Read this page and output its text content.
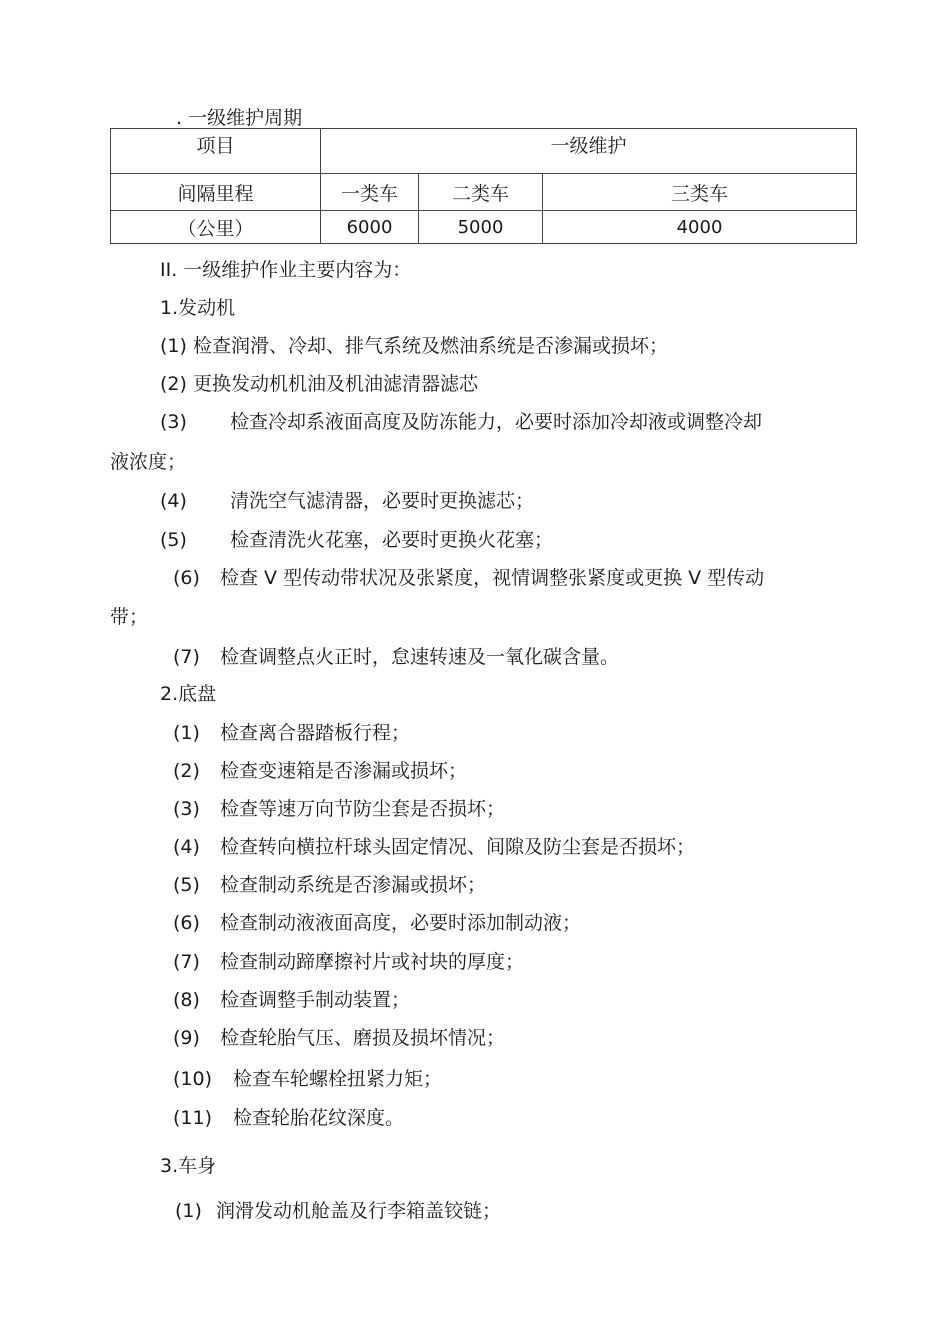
. 一级维护周期
项目	一级维护		
间隔里程	一类车	二类车	三类车
（公里）	6000	5000	4000
II. 一级维护作业主要内容为：
1.发动机
(1) 检查润滑、冷却、排气系统及燃油系统是否渗漏或损坏；
(2) 更换发动机机油及机油滤清器滤芯
(3) 检查冷却系液面高度及防冻能力，必要时添加冷却液或调整冷却
液浓度；
(4) 清洗空气滤清器，必要时更换滤芯；
(5) 检查清洗火花塞，必要时更换火花塞；
(6) 检查 V 型传动带状况及张紧度，视情调整张紧度或更换 V 型传动
带；
(7) 检查调整点火正时，怠速转速及一氧化碳含量。
2.底盘
(1) 检查离合器踏板行程；
(2) 检查变速箱是否渗漏或损坏；
(3) 检查等速万向节防尘套是否损坏；
(4) 检查转向横拉杆球头固定情况、间隙及防尘套是否损坏；
(5) 检查制动系统是否渗漏或损坏；
(6) 检查制动液液面高度，必要时添加制动液；
(7) 检查制动蹄摩擦衬片或衬块的厚度；
(8) 检查调整手制动装置；
(9) 检查轮胎气压、磨损及损坏情况；
(10) 检查车轮螺栓扭紧力矩；
(11) 检查轮胎花纹深度。
3.车身
(1) 润滑发动机舱盖及行李箱盖铰链；
